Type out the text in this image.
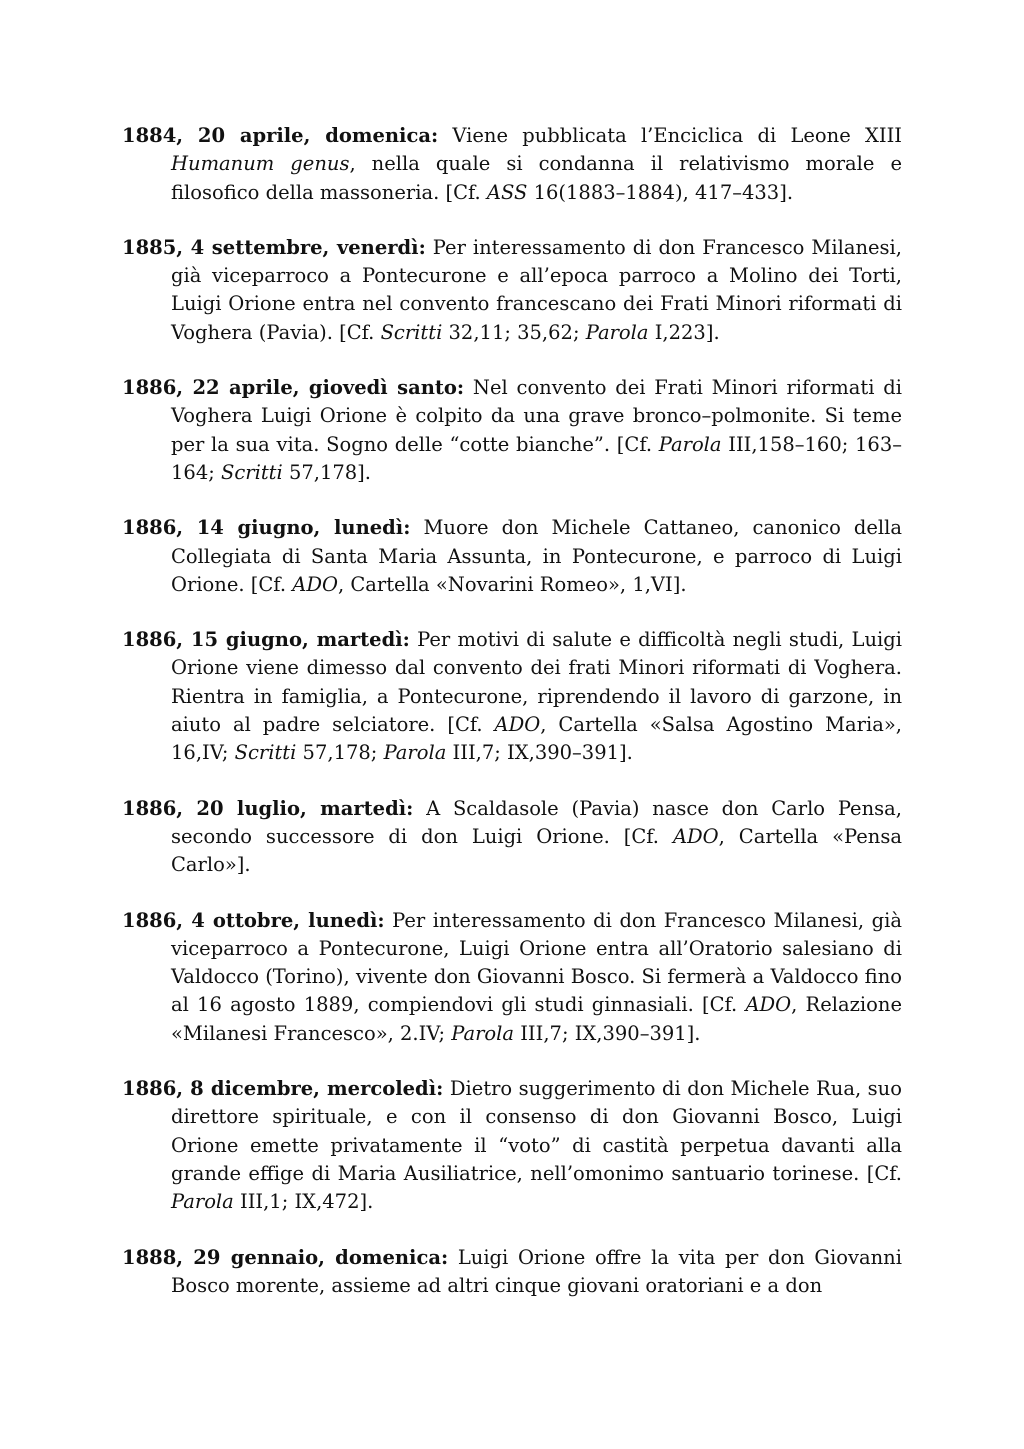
1884, 20 aprile, domenica: Viene pubblicata l’Enciclica di Leone XIII Humanum genus, nella quale si condanna il relativismo morale e filosofico della massoneria. [Cf. ASS 16(1883–1884), 417–433].

1885, 4 settembre, venerdì: Per interessamento di don Francesco Milanesi, già viceparroco a Pontecurone e all’epoca parroco a Molino dei Torti, Luigi Orione entra nel convento francescano dei Frati Minori riformati di Voghera (Pavia). [Cf. Scritti 32,11; 35,62; Parola I,223].

1886, 22 aprile, giovedì santo: Nel convento dei Frati Minori riformati di Voghera Luigi Orione è colpito da una grave bronco–polmonite. Si teme per la sua vita. Sogno delle “cotte bianche”. [Cf. Parola III,158–160; 163–164; Scritti 57,178].

1886, 14 giugno, lunedì: Muore don Michele Cattaneo, canonico della Collegiata di Santa Maria Assunta, in Pontecurone, e parroco di Luigi Orione. [Cf. ADO, Cartella «Novarini Romeo», 1,VI].

1886, 15 giugno, martedì: Per motivi di salute e difficoltà negli studi, Luigi Orione viene dimesso dal convento dei frati Minori riformati di Voghera. Rientra in famiglia, a Pontecurone, riprendendo il lavoro di garzone, in aiuto al padre selciatore. [Cf. ADO, Cartella «Salsa Agostino Maria», 16,IV; Scritti 57,178; Parola III,7; IX,390–391].

1886, 20 luglio, martedì: A Scaldasole (Pavia) nasce don Carlo Pensa, secondo successore di don Luigi Orione. [Cf. ADO, Cartella «Pensa Carlo»].

1886, 4 ottobre, lunedì: Per interessamento di don Francesco Milanesi, già viceparroco a Pontecurone, Luigi Orione entra all’Oratorio salesiano di Valdocco (Torino), vivente don Giovanni Bosco. Si fermerà a Valdocco fino al 16 agosto 1889, compiendovi gli studi ginnasiali. [Cf. ADO, Relazione «Milanesi Francesco», 2.IV; Parola III,7; IX,390–391].

1886, 8 dicembre, mercoledì: Dietro suggerimento di don Michele Rua, suo direttore spirituale, e con il consenso di don Giovanni Bosco, Luigi Orione emette privatamente il “voto” di castità perpetua davanti alla grande effige di Maria Ausiliatrice, nell’omonimo santuario torinese. [Cf. Parola III,1; IX,472].

1888, 29 gennaio, domenica: Luigi Orione offre la vita per don Giovanni Bosco morente, assieme ad altri cinque giovani oratoriani e a don
